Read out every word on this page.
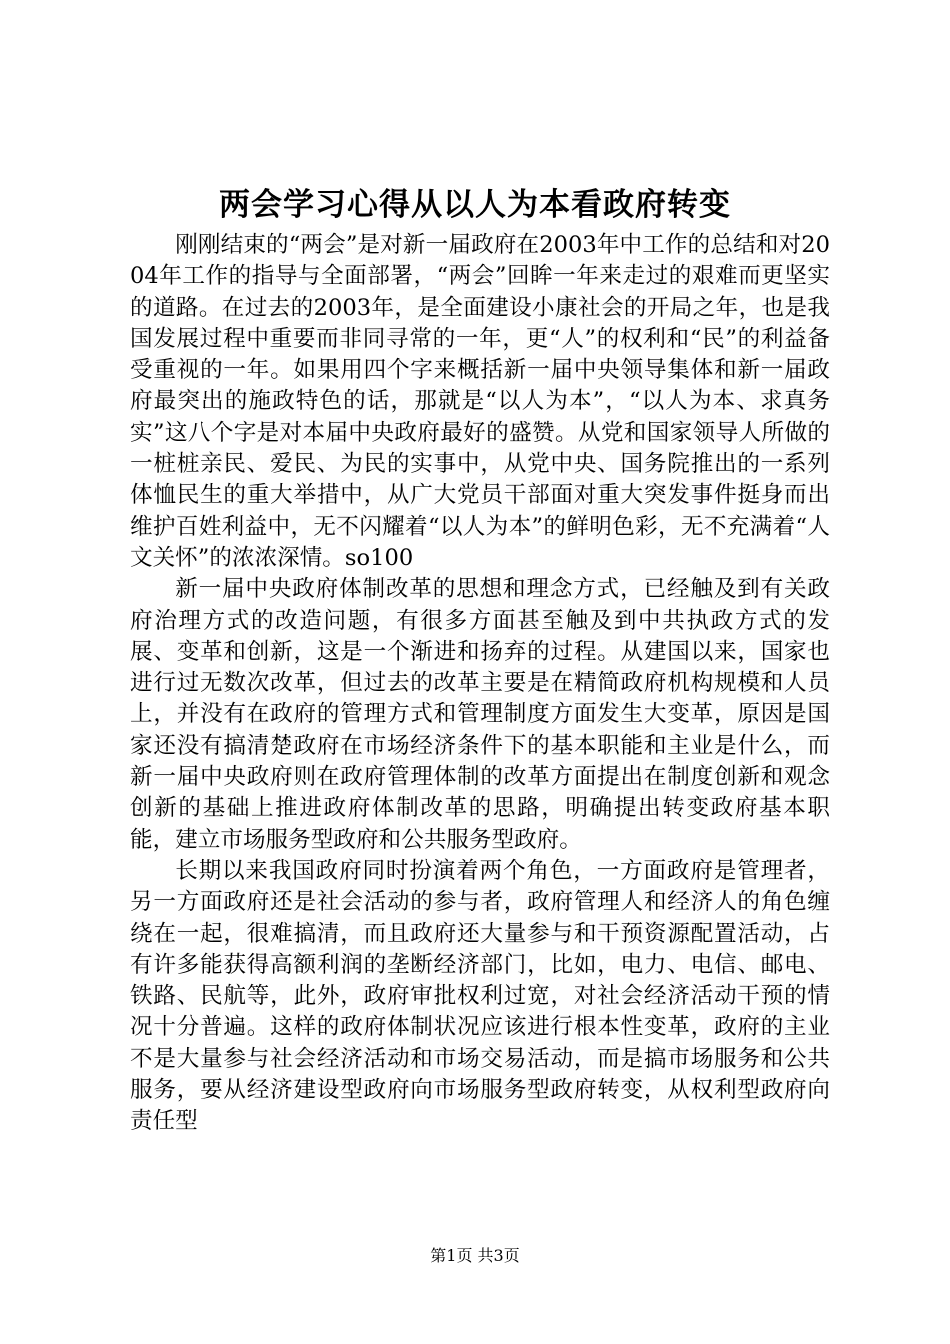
两会学习心得从以人为本看政府转变

刚刚结束的“两会”是对新一届政府在2003年中工作的总结和对2004年工作的指导与全面部署，“两会”回眸一年来走过的艰难而更坚实的道路。在过去的2003年，是全面建设小康社会的开局之年，也是我国发展过程中重要而非同寻常的一年，更“人”的权利和“民”的利益备受重视的一年。如果用四个字来概括新一届中央领导集体和新一届政府最突出的施政特色的话，那就是“以人为本”，“以人为本、求真务实”这八个字是对本届中央政府最好的盛赞。从党和国家领导人所做的一桩桩亲民、爱民、为民的实事中，从党中央、国务院推出的一系列体恤民生的重大举措中，从广大党员干部面对重大突发事件挺身而出维护百姓利益中，无不闪耀着“以人为本”的鲜明色彩，无不充满着“人文关怀”的浓浓深情。so100

新一届中央政府体制改革的思想和理念方式，已经触及到有关政府治理方式的改造问题，有很多方面甚至触及到中共执政方式的发展、变革和创新，这是一个渐进和扬弃的过程。从建国以来，国家也进行过无数次改革，但过去的改革主要是在精简政府机构规模和人员上，并没有在政府的管理方式和管理制度方面发生大变革，原因是国家还没有搞清楚政府在市场经济条件下的基本职能和主业是什么，而新一届中央政府则在政府管理体制的改革方面提出在制度创新和观念创新的基础上推进政府体制改革的思路，明确提出转变政府基本职能，建立市场服务型政府和公共服务型政府。

长期以来我国政府同时扮演着两个角色，一方面政府是管理者，另一方面政府还是社会活动的参与者，政府管理人和经济人的角色缠绕在一起，很难搞清，而且政府还大量参与和干预资源配置活动，占有许多能获得高额利润的垄断经济部门，比如，电力、电信、邮电、铁路、民航等，此外，政府审批权利过宽，对社会经济活动干预的情况十分普遍。这样的政府体制状况应该进行根本性变革，政府的主业不是大量参与社会经济活动和市场交易活动，而是搞市场服务和公共服务，要从经济建设型政府向市场服务型政府转变，从权利型政府向责任型

第1页 共3页
